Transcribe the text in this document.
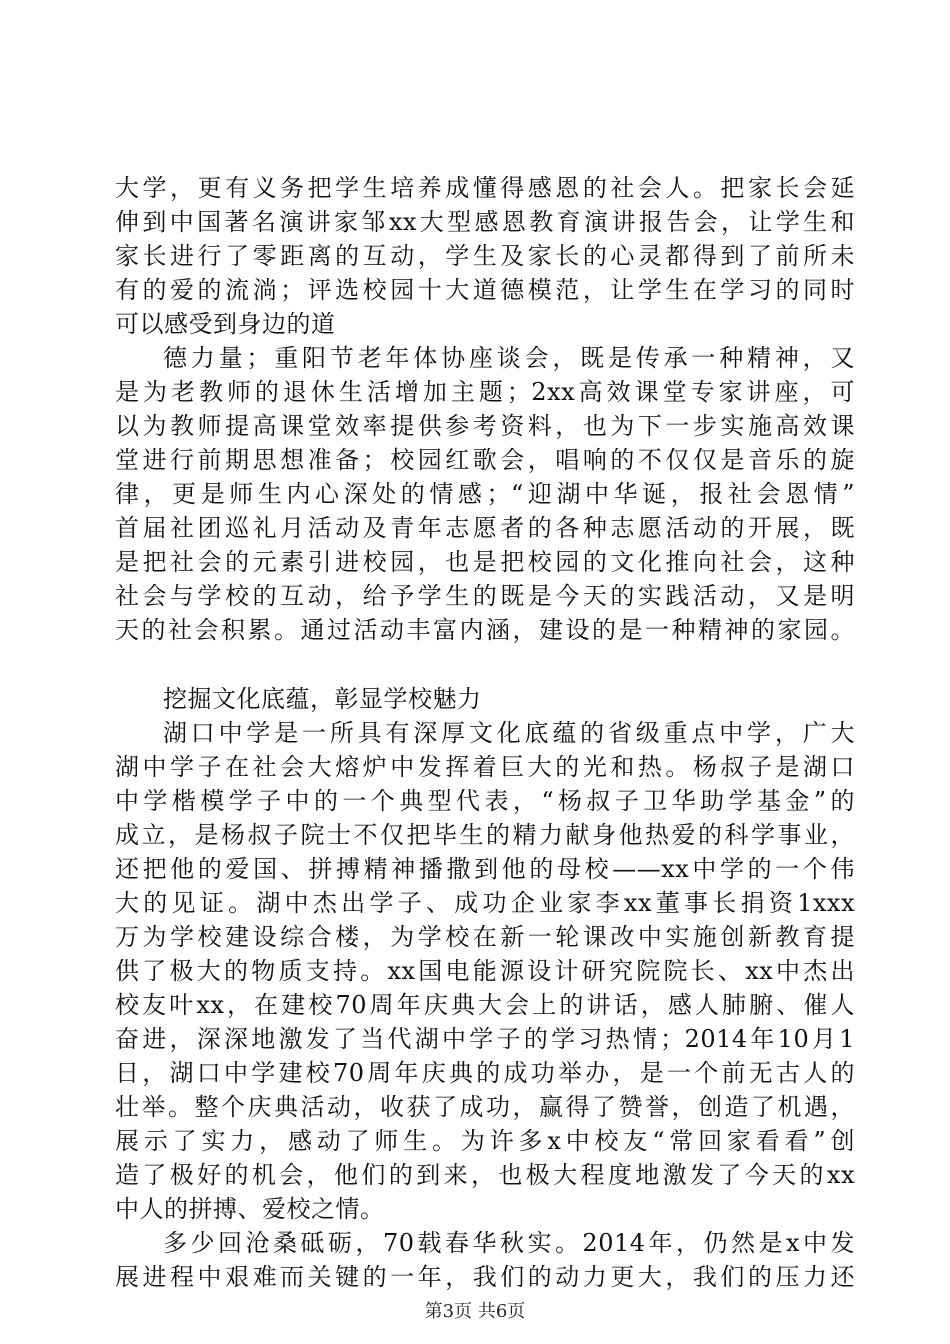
大学，更有义务把学生培养成懂得感恩的社会人。把家长会延
伸到中国著名演讲家邹xx大型感恩教育演讲报告会，让学生和
家长进行了零距离的互动，学生及家长的心灵都得到了前所未
有的爱的流淌；评选校园十大道德模范，让学生在学习的同时
可以感受到身边的道
德力量；重阳节老年体协座谈会，既是传承一种精神，又
是为老教师的退休生活增加主题；2xx高效课堂专家讲座，可
以为教师提高课堂效率提供参考资料，也为下一步实施高效课
堂进行前期思想准备；校园红歌会，唱响的不仅仅是音乐的旋
律，更是师生内心深处的情感；“迎湖中华诞，报社会恩情”
首届社团巡礼月活动及青年志愿者的各种志愿活动的开展，既
是把社会的元素引进校园，也是把校园的文化推向社会，这种
社会与学校的互动，给予学生的既是今天的实践活动，又是明
天的社会积累。通过活动丰富内涵，建设的是一种精神的家园。
挖掘文化底蕴，彰显学校魅力
湖口中学是一所具有深厚文化底蕴的省级重点中学，广大
湖中学子在社会大熔炉中发挥着巨大的光和热。杨叔子是湖口
中学楷模学子中的一个典型代表，“杨叔子卫华助学基金”的
成立，是杨叔子院士不仅把毕生的精力献身他热爱的科学事业，
还把他的爱国、拼搏精神播撒到他的母校——xx中学的一个伟
大的见证。湖中杰出学子、成功企业家李xx董事长捐资1xxx
万为学校建设综合楼，为学校在新一轮课改中实施创新教育提
供了极大的物质支持。xx国电能源设计研究院院长、xx中杰出
校友叶xx，在建校70周年庆典大会上的讲话，感人肺腑、催人
奋进，深深地激发了当代湖中学子的学习热情；2014年10月1
日，湖口中学建校70周年庆典的成功举办，是一个前无古人的
壮举。整个庆典活动，收获了成功，赢得了赞誉，创造了机遇，
展示了实力，感动了师生。为许多x中校友“常回家看看”创
造了极好的机会，他们的到来，也极大程度地激发了今天的xx
中人的拼搏、爱校之情。
多少回沧桑砥砺，70载春华秋实。2014年，仍然是x中发
展进程中艰难而关键的一年，我们的动力更大，我们的压力还
第3页 共6页
